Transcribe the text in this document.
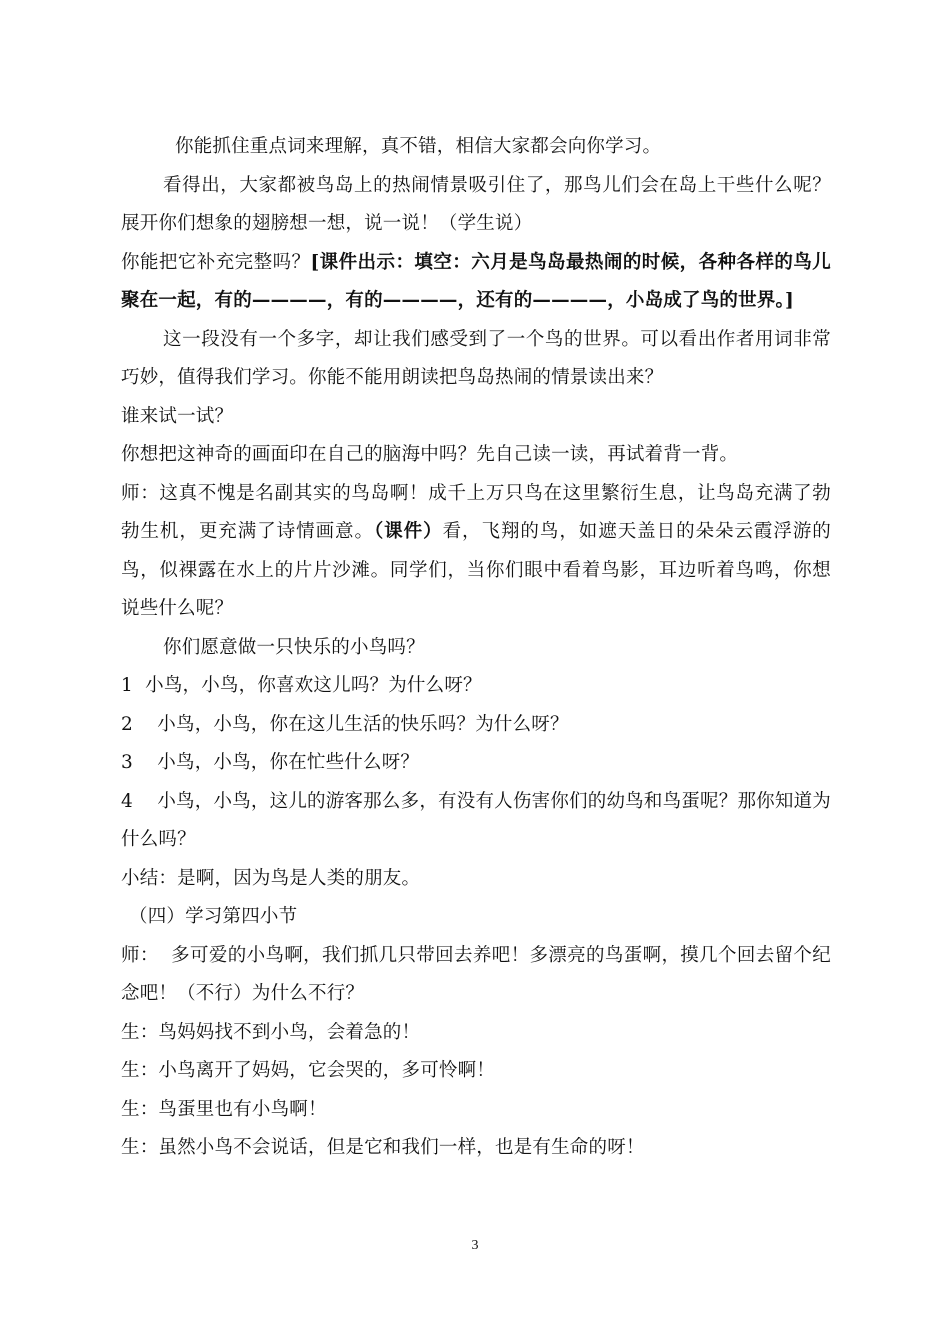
你能抓住重点词来理解，真不错，相信大家都会向你学习。

看得出，大家都被鸟岛上的热闹情景吸引住了，那鸟儿们会在岛上干些什么呢？展开你们想象的翅膀想一想，说一说！（学生说）

你能把它补充完整吗？[课件出示：填空：六月是鸟岛最热闹的时候，各种各样的鸟儿聚在一起，有的————，有的————，还有的————，小岛成了鸟的世界。]

这一段没有一个多字，却让我们感受到了一个鸟的世界。可以看出作者用词非常巧妙，值得我们学习。你能不能用朗读把鸟岛热闹的情景读出来？

谁来试一试？

你想把这神奇的画面印在自己的脑海中吗？先自己读一读，再试着背一背。

师：这真不愧是名副其实的鸟岛啊！成千上万只鸟在这里繁衍生息，让鸟岛充满了勃勃生机，更充满了诗情画意。（课件）看，飞翔的鸟，如遮天盖日的朵朵云霞浮游的鸟，似裸露在水上的片片沙滩。同学们，当你们眼中看着鸟影，耳边听着鸟鸣，你想说些什么呢？

你们愿意做一只快乐的小鸟吗？

1  小鸟，小鸟，你喜欢这儿吗？为什么呀？

2    小鸟，小鸟，你在这儿生活的快乐吗？为什么呀？

3    小鸟，小鸟，你在忙些什么呀？

4    小鸟，小鸟，这儿的游客那么多，有没有人伤害你们的幼鸟和鸟蛋呢？那你知道为什么吗？

小结：是啊，因为鸟是人类的朋友。

（四）学习第四小节

师：  多可爱的小鸟啊，我们抓几只带回去养吧！多漂亮的鸟蛋啊，摸几个回去留个纪念吧！（不行）为什么不行？

生：鸟妈妈找不到小鸟，会着急的！

生：小鸟离开了妈妈，它会哭的，多可怜啊！

生：鸟蛋里也有小鸟啊！

生：虽然小鸟不会说话，但是它和我们一样，也是有生命的呀！

3
